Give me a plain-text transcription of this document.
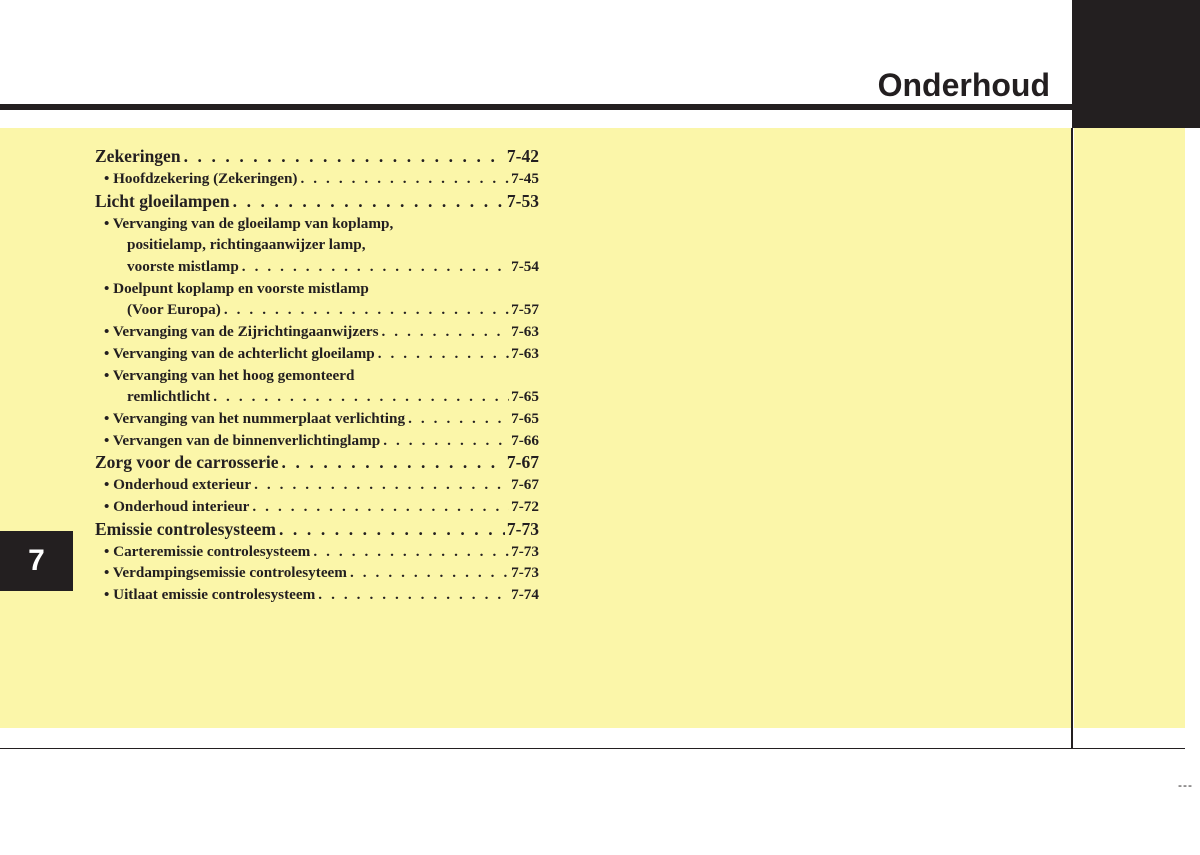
Onderhoud
7
---
Zekeringen . . .	7-42
• Hoofdzekering (Zekeringen) . . .	7-45
Licht gloeilampen . . .	7-53
• Vervanging van de gloeilamp van koplamp,
positielamp, richtingaanwijzer lamp,
voorste mistlamp . . .	7-54
• Doelpunt koplamp en voorste mistlamp
(Voor Europa) . . .	7-57
• Vervanging van de Zijrichtingaanwijzers . . .	7-63
• Vervanging van de achterlicht gloeilamp . . .	7-63
• Vervanging van het hoog gemonteerd
remlichtlicht . . .	7-65
• Vervanging van het nummerplaat verlichting . . .	7-65
• Vervangen van de binnenverlichtinglamp . . .	7-66
Zorg voor de carrosserie . . .	7-67
• Onderhoud exterieur . . .	7-67
• Onderhoud interieur . . .	7-72
Emissie controlesysteem . . .	7-73
• Carteremissie controlesysteem . . .	7-73
• Verdampingsemissie controlesyteem . . .	7-73
• Uitlaat emissie controlesysteem . . .	7-74
